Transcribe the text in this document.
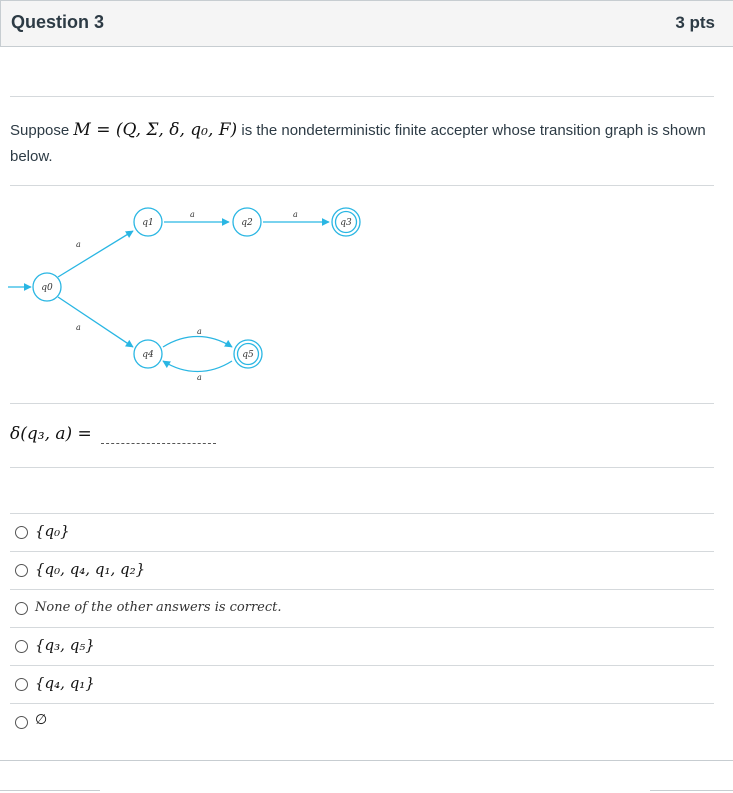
Question 3	3 pts
Suppose M = (Q, Σ, δ, q₀, F) is the nondeterministic finite accepter whose transition graph is shown below.
a
a
a	a
a
a
q0
q1	q2	q3
q4	q5
δ(q₃, a) =
{q₀}
{q₀, q₄, q₁, q₂}
None of the other answers is correct.
{q₃, q₅}
{q₄, q₁}
∅
